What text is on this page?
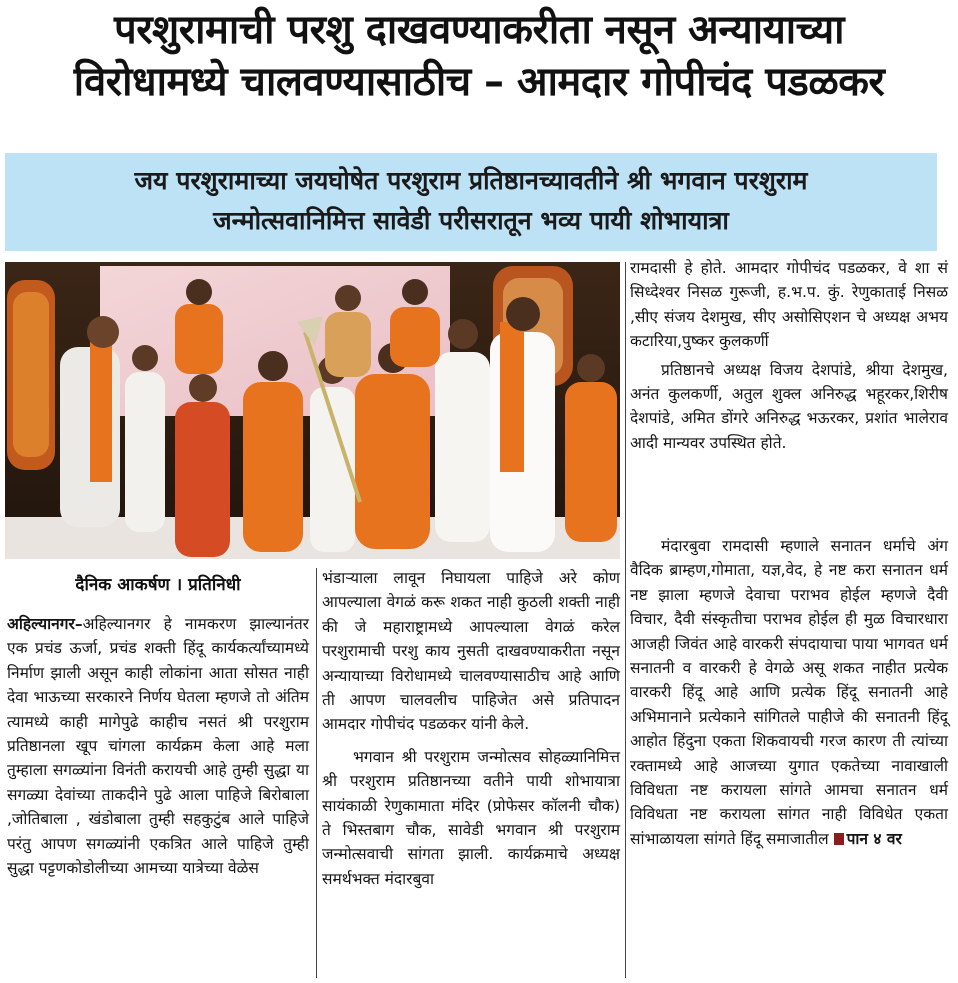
परशुरामाची परशु दाखवण्याकरीता नसून अन्यायाच्या
विरोधामध्ये चालवण्यासाठीच – आमदार गोपीचंद पडळकर
जय परशुरामाच्या जयघोषेत परशुराम प्रतिष्ठानच्यावतीने श्री भगवान परशुराम
जन्मोत्सवानिमित्त सावेडी परीसरातून भव्य पायी शोभायात्रा
दैनिक आकर्षण । प्रतिनिधी

अहिल्यानगर–अहिल्यानगर हे नामकरण झाल्यानंतर एक प्रचंड ऊर्जा, प्रचंड शक्ती हिंदू कार्यकर्त्यांच्यामध्ये निर्माण झाली असून काही लोकांना आता सोसत नाही देवा भाऊच्या सरकारने निर्णय घेतला म्हणजे तो अंतिम त्यामध्ये काही मागेपुढे काहीच नसतं श्री परशुराम प्रतिष्ठानला खूप चांगला कार्यक्रम केला आहे मला तुम्हाला सगळ्यांना विनंती करायची आहे तुम्ही सुद्धा या सगळ्या देवांच्या ताकदीने पुढे आला पाहिजे बिरोबाला ,जोतिबाला , खंडोबाला तुम्ही सहकुटुंब आले पाहिजे परंतु आपण सगळ्यांनी एकत्रित आले पाहिजे तुम्ही सुद्धा पट्टणकोडोलीच्या आमच्या यात्रेच्या वेळेस

भंडाऱ्याला लावून निघायला पाहिजे अरे कोण आपल्याला वेगळं करू शकत नाही कुठली शक्ती नाही की जे महाराष्ट्रामध्ये आपल्याला वेगळं करेल परशुरामाची परशु काय नुसती दाखवण्याकरीता नसून अन्यायाच्या विरोधामध्ये चालवण्यासाठीच आहे आणि ती आपण चालवलीच पाहिजेत असे प्रतिपादन आमदार गोपीचंद पडळकर यांनी केले.

भगवान श्री परशुराम जन्मोत्सव सोहळ्यानिमित्त श्री परशुराम प्रतिष्ठानच्या वतीने पायी शोभायात्रा सायंकाळी रेणुकामाता मंदिर (प्रोफेसर कॉलनी चौक) ते भिस्तबाग चौक, सावेडी भगवान श्री परशुराम जन्मोत्सवाची सांगता झाली. कार्यक्रमाचे अध्यक्ष समर्थभक्त मंदारबुवा

रामदासी हे होते. आमदार गोपीचंद पडळकर, वे शा सं सिध्देश्वर निसळ गुरूजी, ह.भ.प. कुं. रेणुकाताई निसळ ,सीए संजय देशमुख, सीए असोसिएशन चे अध्यक्ष अभय कटारिया,पुष्कर कुलकर्णी

प्रतिष्ठानचे अध्यक्ष विजय देशपांडे, श्रीया देशमुख, अनंत कुलकर्णी, अतुल शुक्ल अनिरुद्ध भहूरकर,शिरीष देशपांडे, अमित डोंगरे अनिरुद्ध भऊरकर, प्रशांत भालेराव आदी मान्यवर उपस्थित होते.

मंदारबुवा रामदासी म्हणाले सनातन धर्माचे अंग वैदिक ब्राम्हण,गोमाता, यज्ञ,वेद, हे नष्ट करा सनातन धर्म नष्ट झाला म्हणजे देवाचा पराभव होईल म्हणजे दैवी विचार, दैवी संस्कृतीचा पराभव होईल ही मुळ विचारधारा आजही जिवंत आहे वारकरी संपदायाचा पाया भागवत धर्म सनातनी व वारकरी हे वेगळे असू शकत नाहीत प्रत्येक वारकरी हिंदू आहे आणि प्रत्येक हिंदू सनातनी आहे अभिमानाने प्रत्येकाने सांगितले पाहीजे की सनातनी हिंदू आहोत हिंदुना एकता शिकवायची गरज कारण ती त्यांच्या रक्तामध्ये आहे आजच्या युगात एकतेच्या नावाखाली विविधता नष्ट करायला सांगते आमचा सनातन धर्म विविधता नष्ट करायला सांगत नाही विविधेत एकता सांभाळायला सांगते हिंदू समाजातील पान ४ वर
